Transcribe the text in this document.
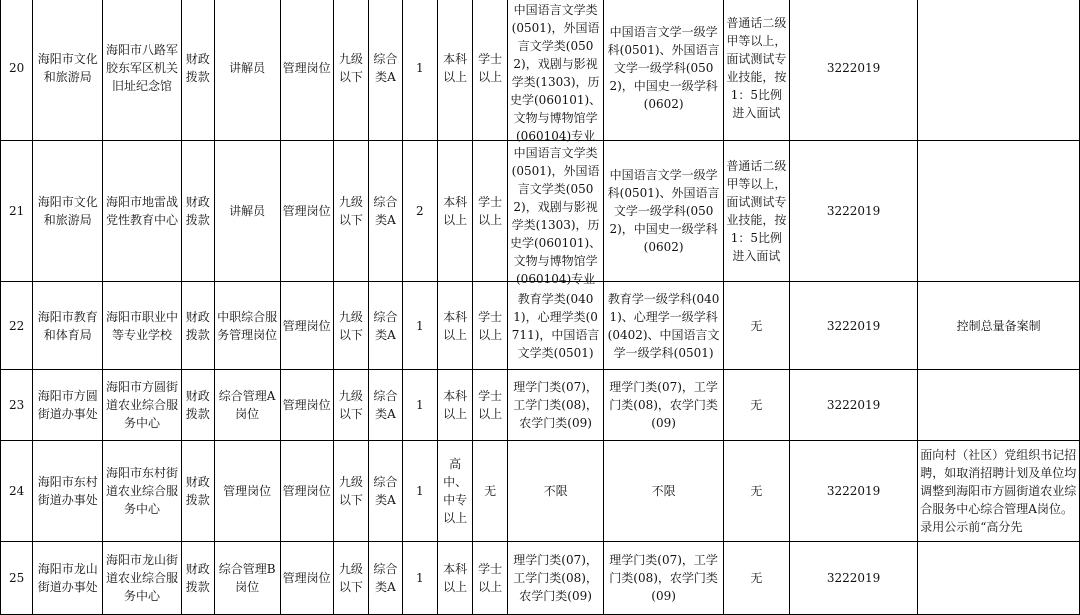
20	海阳市文化和旅游局	海阳市八路军胶东军区机关旧址纪念馆	财政拨款	讲解员	管理岗位	九级以下	综合类A	1	本科以上	学士以上	中国语言文学类(0501)，外国语言文学类(0502)，戏剧与影视学类(1303)，历史学(060101)、文物与博物馆学(060104)专业	中国语言文学一级学科(0501)、外国语言文学一级学科(0502)，中国史一级学科(0602)	普通话二级甲等以上，面试测试专业技能，按1：5比例进入面试	3222019	
21	海阳市文化和旅游局	海阳市地雷战党性教育中心	财政拨款	讲解员	管理岗位	九级以下	综合类A	2	本科以上	学士以上	中国语言文学类(0501)，外国语言文学类(0502)，戏剧与影视学类(1303)，历史学(060101)、文物与博物馆学(060104)专业	中国语言文学一级学科(0501)、外国语言文学一级学科(0502)，中国史一级学科(0602)	普通话二级甲等以上，面试测试专业技能，按1：5比例进入面试	3222019	
22	海阳市教育和体育局	海阳市职业中等专业学校	财政拨款	中职综合服务管理岗位	管理岗位	九级以下	综合类A	1	本科以上	学士以上	教育学类(0401)，心理学类(0711)，中国语言文学类(0501)	教育学一级学科(0401)、心理学一级学科(0402)、中国语言文学一级学科(0501)	无	3222019	控制总量备案制
23	海阳市方圆街道办事处	海阳市方圆街道农业综合服务中心	财政拨款	综合管理A岗位	管理岗位	九级以下	综合类A	1	本科以上	学士以上	理学门类(07)，工学门类(08)，农学门类(09)	理学门类(07)，工学门类(08)，农学门类(09)	无	3222019	
24	海阳市东村街道办事处	海阳市东村街道农业综合服务中心	财政拨款	管理岗位	管理岗位	九级以下	综合类A	1	高中、中专以上	无	不限	不限	无	3222019	面向村（社区）党组织书记招聘，如取消招聘计划及单位均调整到海阳市方圆街道农业综合服务中心综合管理A岗位。录用公示前“高分先

25	海阳市龙山街道办事处	海阳市龙山街道农业综合服务中心	财政拨款	综合管理B岗位	管理岗位	九级以下	综合类A	1	本科以上	学士以上	理学门类(07)，工学门类(08)，农学门类(09)	理学门类(07)，工学门类(08)，农学门类(09)	无	3222019	
